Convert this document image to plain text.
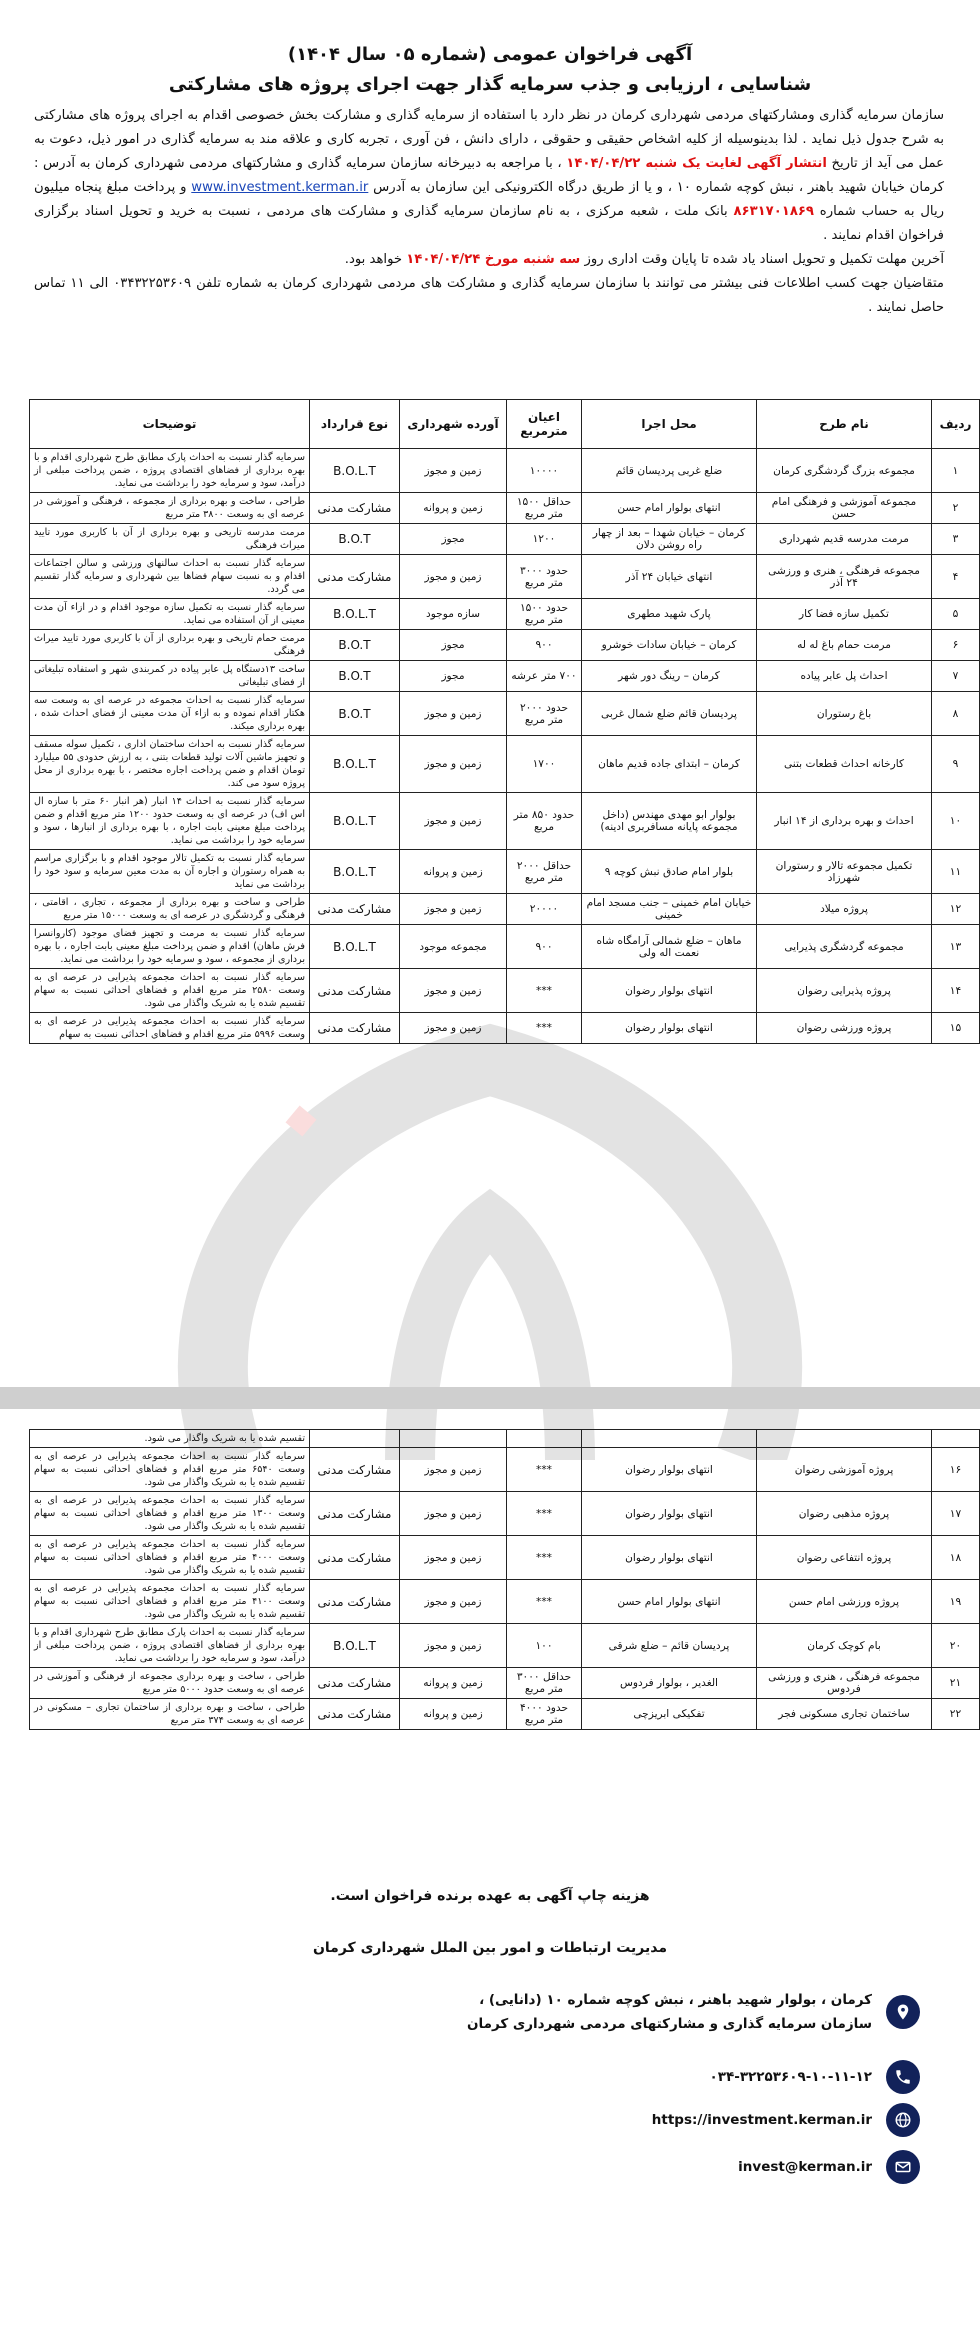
آگهی فراخوان عمومی (شماره ۰۵ سال ۱۴۰۴)
شناسایی ، ارزیابی و جذب سرمایه گذار جهت اجرای پروژه های مشارکتی
سازمان سرمایه گذاری ومشارکتهای مردمی شهرداری کرمان در نظر دارد با استفاده از سرمایه گذاری و مشارکت بخش خصوصی اقدام به اجرای پروژه های مشارکتی به شرح جدول ذیل نماید . لذا بدینوسیله از کلیه اشخاص حقیقی و حقوقی ، دارای دانش ، فن آوری ، تجربه کاری و علاقه مند به سرمایه گذاری در امور ذیل، دعوت به عمل می آید از تاریخ انتشار آگهی لغایت یک شنبه ۱۴۰۴/۰۴/۲۲ ، با مراجعه به دبیرخانه سازمان سرمایه گذاری و مشارکتهای مردمی شهرداری کرمان به آدرس : کرمان خیابان شهید باهنر ، نبش کوچه شماره ۱۰ ، و یا از طریق درگاه الکترونیکی این سازمان به آدرس www.investment.kerman.ir و پرداخت مبلغ پنجاه میلیون ریال به حساب شماره ۸۶۳۱۷۰۱۸۶۹ بانک ملت ، شعبه مرکزی ، به نام سازمان سرمایه گذاری و مشارکت های مردمی ، نسبت به خرید و تحویل اسناد برگزاری فراخوان اقدام نمایند .
آخرین مهلت تکمیل و تحویل اسناد یاد شده تا پایان وقت اداری روز سه شنبه مورخ ۱۴۰۴/۰۴/۲۴ خواهد بود.
متقاضیان جهت کسب اطلاعات فنی بیشتر می توانند با سازمان سرمایه گذاری و مشارکت های مردمی شهرداری کرمان به شماره تلفن ۰۳۴۳۲۲۵۳۶۰۹ الی ۱۱ تماس حاصل نمایند .
ردیف	نام طرح	محل اجرا	اعیان مترمربع	آورده شهرداری	نوع قرارداد	توضیحات
۱	مجموعه بزرگ گردشگری کرمان	ضلع غربی پردیسان قائم	۱۰۰۰۰	زمین و مجوز	B.O.L.T	سرمایه گذار نسبت به احداث پارک مطابق طرح شهرداری اقدام و با بهره برداری از فضاهای اقتصادی پروژه ، ضمن پرداخت مبلغی از درآمد، سود و سرمایه خود را برداشت می نماید.
۲	مجموعه آموزشی و فرهنگی امام حسن	انتهای بولوار امام حسن	حداقل ۱۵۰۰ متر مربع	زمین و پروانه	مشارکت مدنی	طراحی ، ساخت و بهره برداری از مجموعه ، فرهنگی و آموزشی در عرصه ای به وسعت ۳۸۰۰ متر مربع
۳	مرمت مدرسه قدیم شهرداری	کرمان – خیابان شهدا – بعد از چهار راه روشن دلان	۱۲۰۰	مجوز	B.O.T	مرمت مدرسه تاریخی و بهره برداری از آن با کاربری مورد تایید میراث فرهنگی
۴	مجموعه فرهنگی ، هنری و ورزشی ۲۴ آذر	انتهای خیابان ۲۴ آذر	حدود ۳۰۰۰ متر مربع	زمین و مجوز	مشارکت مدنی	سرمایه گذار نسبت به احداث سالنهای ورزشی و سالن اجتماعات اقدام و به نسبت سهام فضاها بین شهرداری و سرمایه گذار تقسیم می گردد.
۵	تکمیل سازه فضا کار	پارک شهید مطهری	حدود ۱۵۰۰ متر مربع	سازه موجود	B.O.L.T	سرمایه گذار نسبت به تکمیل سازه موجود اقدام و در ازاء آن مدت معینی از آن استفاده می نماید.
۶	مرمت حمام باغ له له	کرمان – خیابان سادات خوشرو	۹۰۰	مجوز	B.O.T	مرمت حمام تاریخی و بهره برداری از آن با کاربری مورد تایید میراث فرهنگی
۷	احداث پل عابر پیاده	کرمان – رینگ دور شهر	۷۰۰ متر عرشه	مجوز	B.O.T	ساخت ۱۳دستگاه پل عابر پیاده در کمربندی شهر و استفاده تبلیغاتی از فضای تبلیغاتی
۸	باغ رستوران	پردیسان قائم ضلع شمال غربی	حدود ۲۰۰۰ متر مربع	زمین و مجوز	B.O.T	سرمایه گذار نسبت به احداث مجموعه در عرصه ای به وسعت سه هکتار اقدام نموده و به ازاء آن مدت معینی از فضای احداث شده ، بهره برداری میکند.
۹	کارخانه احداث قطعات بتنی	کرمان – ابتدای جاده قدیم ماهان	۱۷۰۰	زمین و مجوز	B.O.L.T	سرمایه گذار نسبت به احداث ساختمان اداری ، تکمیل سوله مسقف و تجهیز ماشین آلات تولید قطعات بتنی ، به ارزش حدودی ۵۵ میلیارد تومان اقدام و ضمن پرداخت اجاره مختصر ، با بهره برداری از محل پروژه سود می کند.
۱۰	احداث و بهره برداری از ۱۴ انبار	بولوار ابو مهدی مهندس (داخل مجموعه پایانه مسافربری ادینه)	حدود ۸۵۰ متر مربع	زمین و مجوز	B.O.L.T	سرمایه گذار نسبت به احداث ۱۴ انبار (هر انبار ۶۰ متر با سازه ال اس اف) در عرصه ای به وسعت حدود ۱۲۰۰ متر مربع اقدام و ضمن پرداخت مبلغ معینی بابت اجاره ، با بهره برداری از انبارها ، سود و سرمایه خود را برداشت می نماید.
۱۱	تکمیل مجموعه تالار و رستوران شهرزاد	بلوار امام صادق نبش کوچه ۹	حداقل ۲۰۰۰ متر مربع	زمین و پروانه	B.O.L.T	سرمایه گذار نسبت به تکمیل تالار موجود اقدام و با برگزاری مراسم به همراه رستوران و اجاره آن به مدت معین سرمایه و سود خود را برداشت می نماید
۱۲	پروژه میلاد	خیابان امام خمینی – جنب مسجد امام خمینی	۲۰۰۰۰	زمین و مجوز	مشارکت مدنی	طراحی و ساخت و بهره برداری از مجموعه ، تجاری ، اقامتی ، فرهنگی و گردشگری در عرصه ای به وسعت ۱۵۰۰۰ متر مربع
۱۳	مجموعه گردشگری پذیرایی	ماهان – ضلع شمالی آرامگاه شاه نعمت اله ولی	۹۰۰	مجموعه موجود	B.O.L.T	سرمایه گذار نسبت به مرمت و تجهیز فضای موجود (کاروانسرا فرش ماهان) اقدام و ضمن پرداخت مبلغ معینی بابت اجاره ، با بهره برداری از مجموعه ، سود و سرمایه خود را برداشت می نماید.
۱۴	پروژه پذیرایی رضوان	انتهای بولوار رضوان	***	زمین و مجوز	مشارکت مدنی	سرمایه گذار نسبت به احداث مجموعه پذیرایی در عرصه ای به وسعت ۲۵۸۰ متر مربع اقدام و فضاهای احداثی نسبت به سهام تقسیم شده یا به شریک واگذار می شود.
۱۵	پروژه ورزشی رضوان	انتهای بولوار رضوان	***	زمین و مجوز	مشارکت مدنی	سرمایه گذار نسبت به احداث مجموعه پذیرایی در عرصه ای به وسعت ۵۹۹۶ متر مربع اقدام و فضاهای احداثی نسبت به سهام
						تقسیم شده یا به شریک واگذار می شود.
۱۶	پروژه آموزشی رضوان	انتهای بولوار رضوان	***	زمین و مجوز	مشارکت مدنی	سرمایه گذار نسبت به احداث مجموعه پذیرایی در عرصه ای به وسعت ۶۵۴۰ متر مربع اقدام و فضاهای احداثی نسبت به سهام تقسیم شده یا به شریک واگذار می شود.
۱۷	پروژه مذهبی رضوان	انتهای بولوار رضوان	***	زمین و مجوز	مشارکت مدنی	سرمایه گذار نسبت به احداث مجموعه پذیرایی در عرصه ای به وسعت ۱۳۰۰ متر مربع اقدام و فضاهای احداثی نسبت به سهام تقسیم شده یا به شریک واگذار می شود.
۱۸	پروژه انتفاعی رضوان	انتهای بولوار رضوان	***	زمین و مجوز	مشارکت مدنی	سرمایه گذار نسبت به احداث مجموعه پذیرایی در عرصه ای به وسعت ۴۰۰۰ متر مربع اقدام و فضاهای احداثی نسبت به سهام تقسیم شده یا به شریک واگذار می شود.
۱۹	پروژه ورزشی امام حسن	انتهای بولوار امام حسن	***	زمین و مجوز	مشارکت مدنی	سرمایه گذار نسبت به احداث مجموعه پذیرایی در عرصه ای به وسعت ۴۱۰۰ متر مربع اقدام و فضاهای احداثی نسبت به سهام تقسیم شده یا به شریک واگذار می شود.
۲۰	بام کوچک کرمان	پردیسان قائم – ضلع شرقی	۱۰۰	زمین و مجوز	B.O.L.T	سرمایه گذار نسبت به احداث پارک مطابق طرح شهرداری اقدام و با بهره برداری از فضاهای اقتصادی پروژه ، ضمن پرداخت مبلغی از درآمد، سود و سرمایه خود را برداشت می نماید.
۲۱	مجموعه فرهنگی ، هنری و ورزشی فردوس	الغدیر ، بولوار فردوس	حداقل ۳۰۰۰ متر مربع	زمین و پروانه	مشارکت مدنی	طراحی ، ساخت و بهره برداری مجموعه از فرهنگی و آموزشی در عرصه ای به وسعت حدود ۵۰۰۰ متر مربع
۲۲	ساختمان تجاری مسکونی فجر	تفکیکی ابریزچی	حدود ۴۰۰۰ متر مربع	زمین و پروانه	مشارکت مدنی	طراحی ، ساخت و بهره برداری از ساختمان تجاری – مسکونی در عرصه ای به وسعت ۳۷۴ متر مربع
هزینه چاپ آگهی به عهده برنده فراخوان است.
مدیریت ارتباطات و امور بین الملل شهرداری کرمان
کرمان ، بولوار شهید باهنر ، نبش کوچه شماره ۱۰ (دانایی) ،
سازمان سرمایه گذاری و مشارکتهای مردمی شهرداری کرمان
۰۳۴-۳۲۲۵۳۶۰۹-۱۰-۱۱-۱۲
https://investment.kerman.ir
invest@kerman.ir
